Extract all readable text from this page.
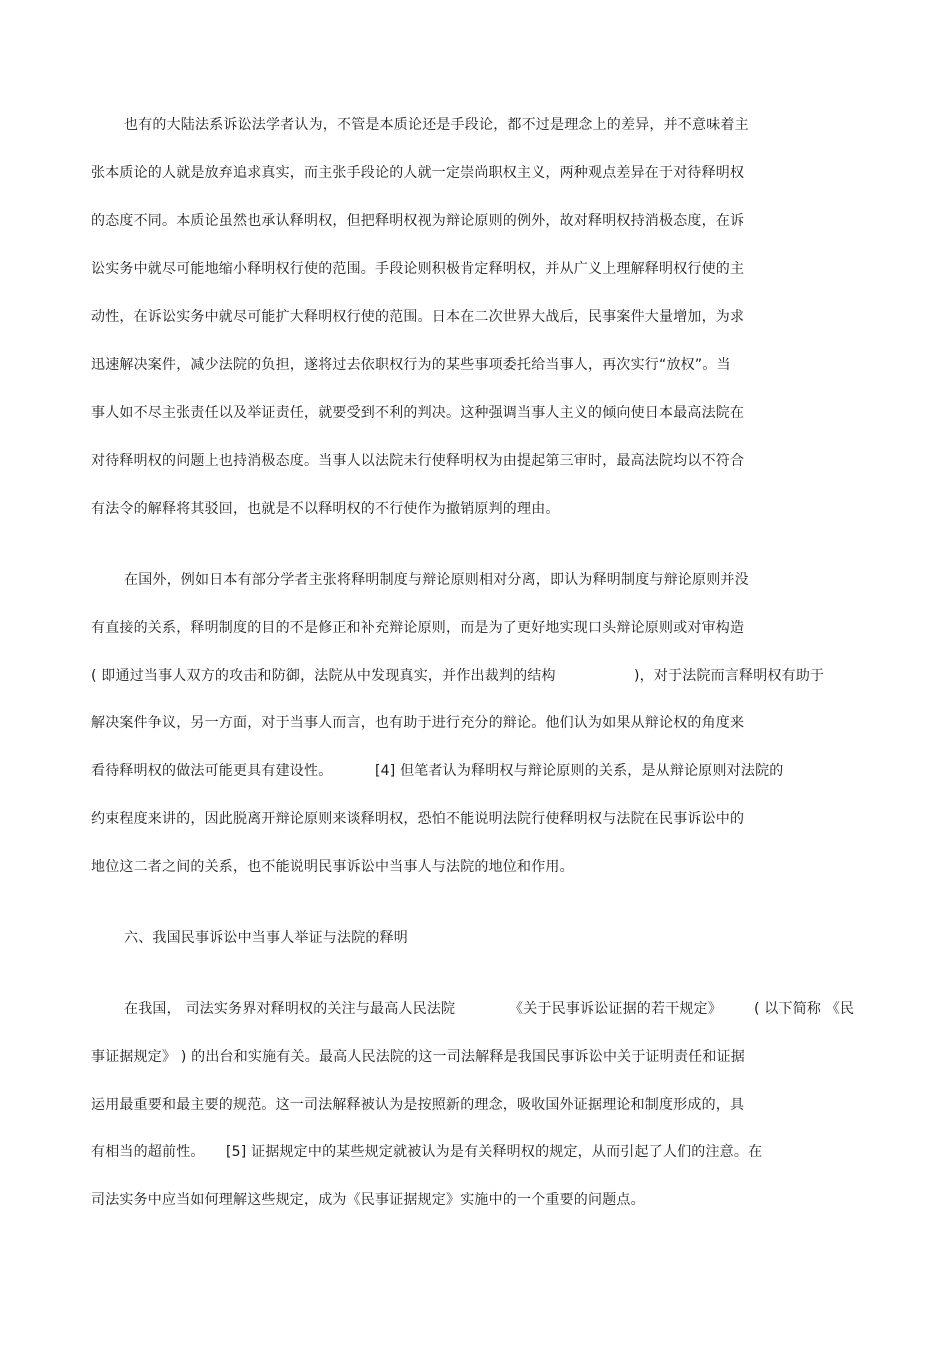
也有的大陆法系诉讼法学者认为，不管是本质论还是手段论，都不过是理念上的差异，并不意味着主
张本质论的人就是放弃追求真实，而主张手段论的人就一定崇尚职权主义，两种观点差异在于对待释明权
的态度不同。本质论虽然也承认释明权，但把释明权视为辩论原则的例外，故对释明权持消极态度，在诉
讼实务中就尽可能地缩小释明权行使的范围。手段论则积极肯定释明权，并从广义上理解释明权行使的主
动性，在诉讼实务中就尽可能扩大释明权行使的范围。日本在二次世界大战后，民事案件大量增加，为求
迅速解决案件，减少法院的负担，遂将过去依职权行为的某些事项委托给当事人，再次实行“放权”。当
事人如不尽主张责任以及举证责任，就要受到不利的判决。这种强调当事人主义的倾向使日本最高法院在
对待释明权的问题上也持消极态度。当事人以法院未行使释明权为由提起第三审时，最高法院均以不符合
有法令的解释将其驳回，也就是不以释明权的不行使作为撤销原判的理由。
在国外，例如日本有部分学者主张将释明制度与辩论原则相对分离，即认为释明制度与辩论原则并没
有直接的关系，释明制度的目的不是修正和补充辩论原则，而是为了更好地实现口头辩论原则或对审构造
( 即通过当事人双方的攻击和防御，法院从中发现真实，并作出裁判的结构	)，对于法院而言释明权有助于
解决案件争议，另一方面，对于当事人而言，也有助于进行充分的辩论。他们认为如果从辩论权的角度来
看待释明权的做法可能更具有建设性。	[4] 但笔者认为释明权与辩论原则的关系，是从辩论原则对法院的
约束程度来讲的，因此脱离开辩论原则来谈释明权，恐怕不能说明法院行使释明权与法院在民事诉讼中的
地位这二者之间的关系，也不能说明民事诉讼中当事人与法院的地位和作用。
六、我国民事诉讼中当事人举证与法院的释明
在我国， 司法实务界对释明权的关注与最高人民法院	《关于民事诉讼证据的若干规定》 ( 以下简称 《民
事证据规定》 ) 的出台和实施有关。最高人民法院的这一司法解释是我国民事诉讼中关于证明责任和证据
运用最重要和最主要的规范。这一司法解释被认为是按照新的理念，吸收国外证据理论和制度形成的，具
有相当的超前性。 [5] 证据规定中的某些规定就被认为是有关释明权的规定，从而引起了人们的注意。在
司法实务中应当如何理解这些规定，成为《民事证据规定》实施中的一个重要的问题点。
